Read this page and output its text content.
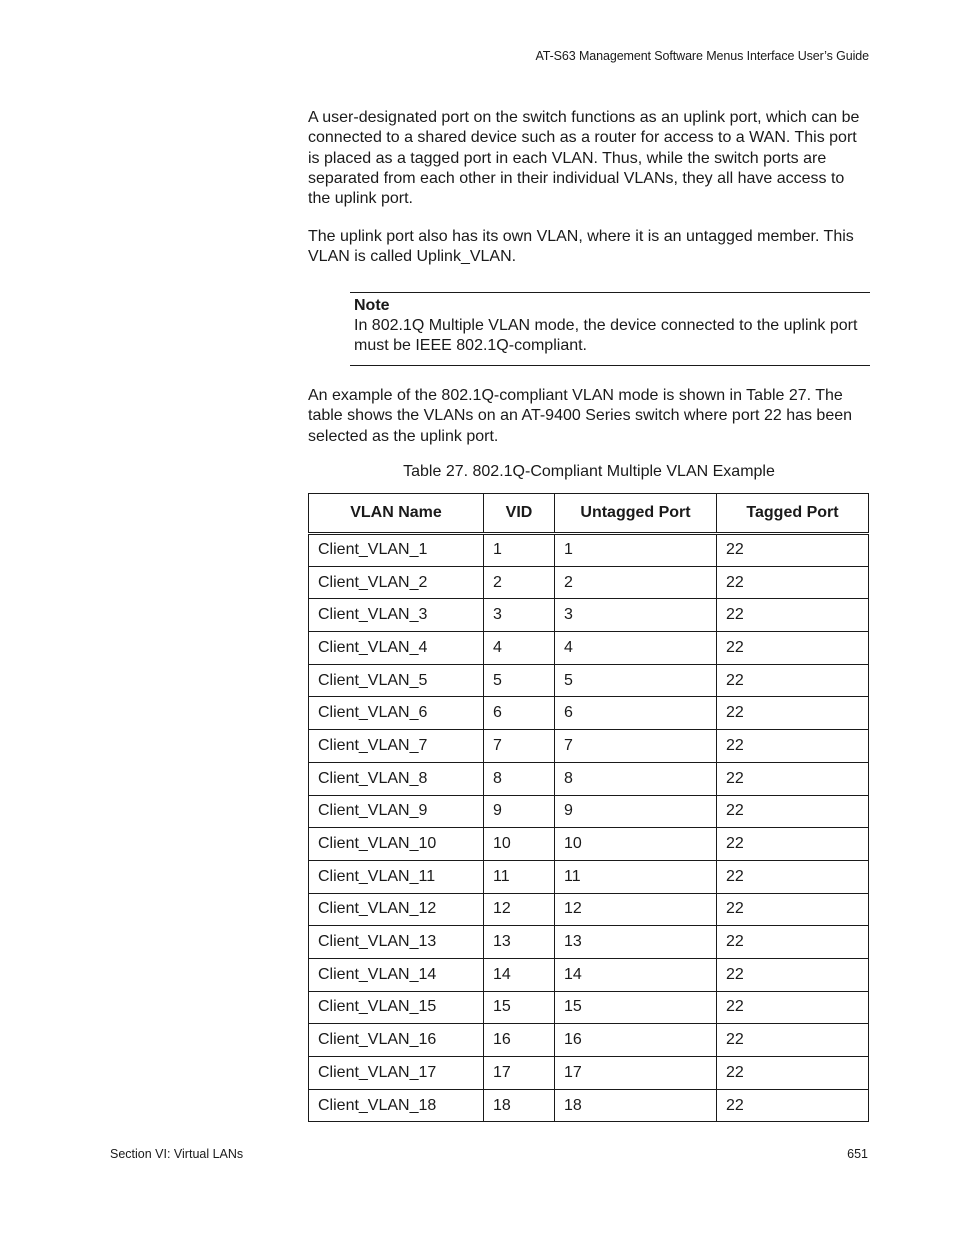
AT-S63 Management Software Menus Interface User’s Guide

A user-designated port on the switch functions as an uplink port, which can be connected to a shared device such as a router for access to a WAN. This port is placed as a tagged port in each VLAN. Thus, while the switch ports are separated from each other in their individual VLANs, they all have access to the uplink port.

The uplink port also has its own VLAN, where it is an untagged member. This VLAN is called Uplink_VLAN.

Note
In 802.1Q Multiple VLAN mode, the device connected to the uplink port must be IEEE 802.1Q-compliant.

An example of the 802.1Q-compliant VLAN mode is shown in Table 27. The table shows the VLANs on an AT-9400 Series switch where port 22 has been selected as the uplink port.

Table 27. 802.1Q-Compliant Multiple VLAN Example
VLAN Name	VID	Untagged Port	Tagged Port
Client_VLAN_1	1	1	22
Client_VLAN_2	2	2	22
Client_VLAN_3	3	3	22
Client_VLAN_4	4	4	22
Client_VLAN_5	5	5	22
Client_VLAN_6	6	6	22
Client_VLAN_7	7	7	22
Client_VLAN_8	8	8	22
Client_VLAN_9	9	9	22
Client_VLAN_10	10	10	22
Client_VLAN_11	11	11	22
Client_VLAN_12	12	12	22
Client_VLAN_13	13	13	22
Client_VLAN_14	14	14	22
Client_VLAN_15	15	15	22
Client_VLAN_16	16	16	22
Client_VLAN_17	17	17	22
Client_VLAN_18	18	18	22
Section VI: Virtual LANs	651
